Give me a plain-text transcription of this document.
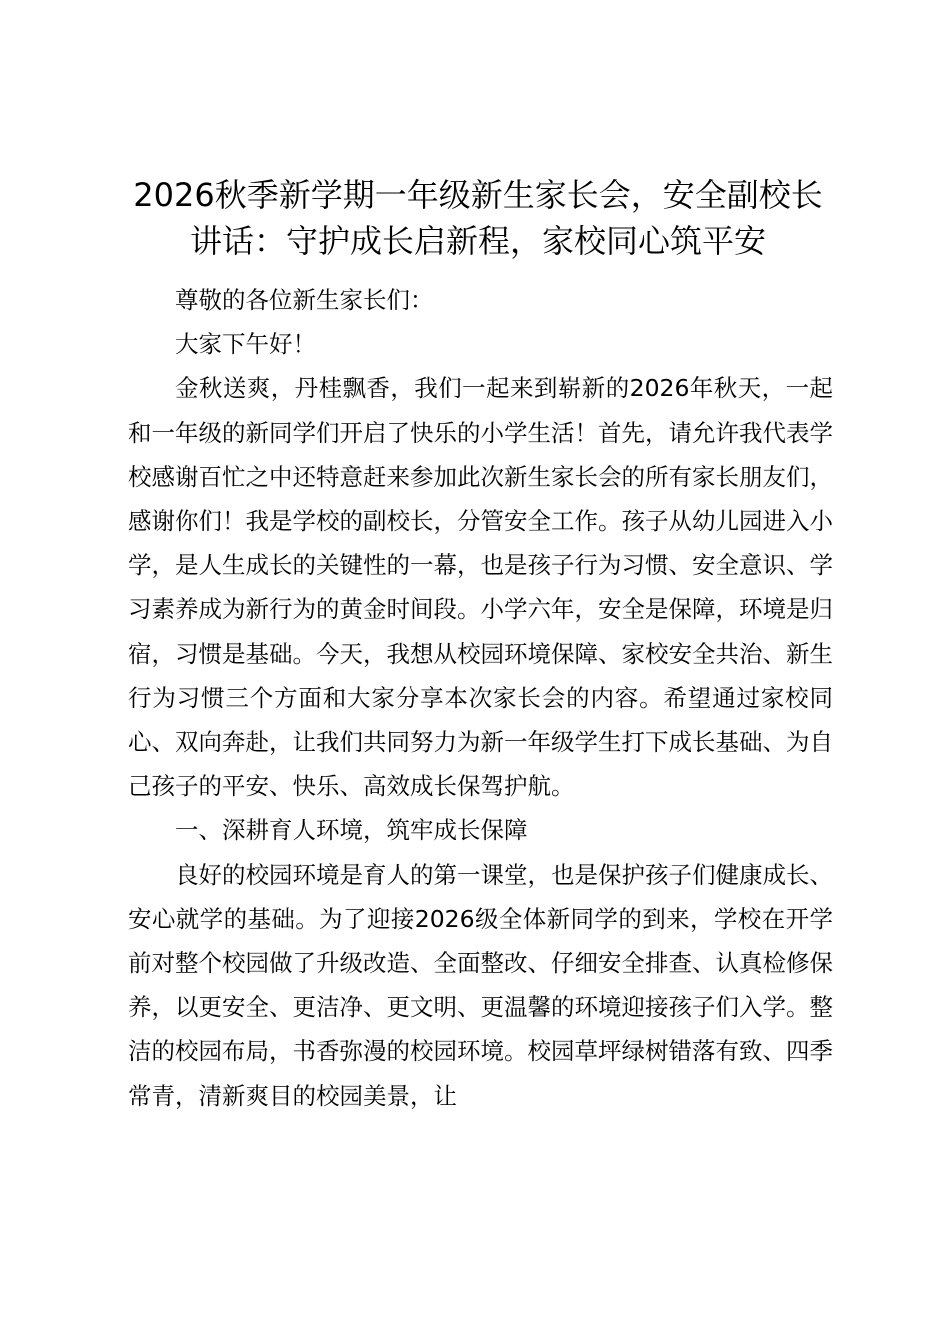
2026秋季新学期一年级新生家长会，安全副校长讲话：守护成长启新程，家校同心筑平安

尊敬的各位新生家长们：

大家下午好！

金秋送爽，丹桂飘香，我们一起来到崭新的2026年秋天，一起和一年级的新同学们开启了快乐的小学生活！首先，请允许我代表学校感谢百忙之中还特意赶来参加此次新生家长会的所有家长朋友们，感谢你们！我是学校的副校长，分管安全工作。孩子从幼儿园进入小学，是人生成长的关键性的一幕，也是孩子行为习惯、安全意识、学习素养成为新行为的黄金时间段。小学六年，安全是保障，环境是归宿，习惯是基础。今天，我想从校园环境保障、家校安全共治、新生行为习惯三个方面和大家分享本次家长会的内容。希望通过家校同心、双向奔赴，让我们共同努力为新一年级学生打下成长基础、为自己孩子的平安、快乐、高效成长保驾护航。

一、深耕育人环境，筑牢成长保障

良好的校园环境是育人的第一课堂，也是保护孩子们健康成长、安心就学的基础。为了迎接2026级全体新同学的到来，学校在开学前对整个校园做了升级改造、全面整改、仔细安全排查、认真检修保养，以更安全、更洁净、更文明、更温馨的环境迎接孩子们入学。整洁的校园布局，书香弥漫的校园环境。校园草坪绿树错落有致、四季常青，清新爽目的校园美景，让
